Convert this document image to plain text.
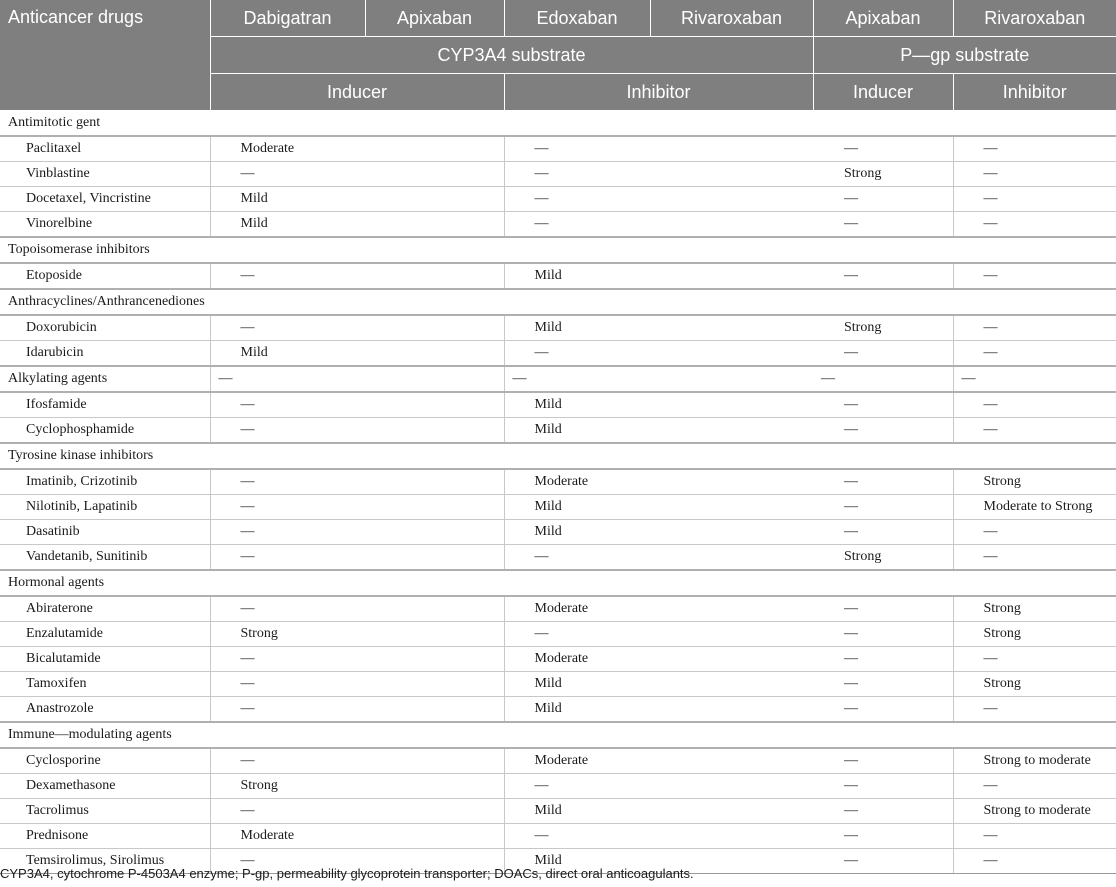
Anticancer drugs	Dabigatran	Apixaban	Edoxaban	Rivaroxaban	Apixaban	Rivaroxaban
	CYP3A4 substrate				P—gp substrate	
	Inducer		Inhibitor		Inducer	Inhibitor
Antimitotic gent						
Paclitaxel	Moderate		—		—	—
Vinblastine	—		—		Strong	—
Docetaxel, Vincristine	Mild		—		—	—
Vinorelbine	Mild		—		—	—
Topoisomerase inhibitors						
Etoposide	—		Mild		—	—
Anthracyclines/Anthrancenediones						
Doxorubicin	—		Mild		Strong	—
Idarubicin	Mild		—		—	—
Alkylating agents	—		—		—	—
Ifosfamide	—		Mild		—	—
Cyclophosphamide	—		Mild		—	—
Tyrosine kinase inhibitors						
Imatinib, Crizotinib	—		Moderate		—	Strong
Nilotinib, Lapatinib	—		Mild		—	Moderate to Strong
Dasatinib	—		Mild		—	—
Vandetanib, Sunitinib	—		—		Strong	—
Hormonal agents						
Abiraterone	—		Moderate		—	Strong
Enzalutamide	Strong		—		—	Strong
Bicalutamide	—		Moderate		—	—
Tamoxifen	—		Mild		—	Strong
Anastrozole	—		Mild		—	—
Immune—modulating agents						
Cyclosporine	—		Moderate		—	Strong to moderate
Dexamethasone	Strong		—		—	—
Tacrolimus	—		Mild		—	Strong to moderate
Prednisone	Moderate		—		—	—
Temsirolimus, Sirolimus	—		Mild		—	—
CYP3A4, cytochrome P-4503A4 enzyme; P-gp, permeability glycoprotein transporter; DOACs, direct oral anticoagulants.
